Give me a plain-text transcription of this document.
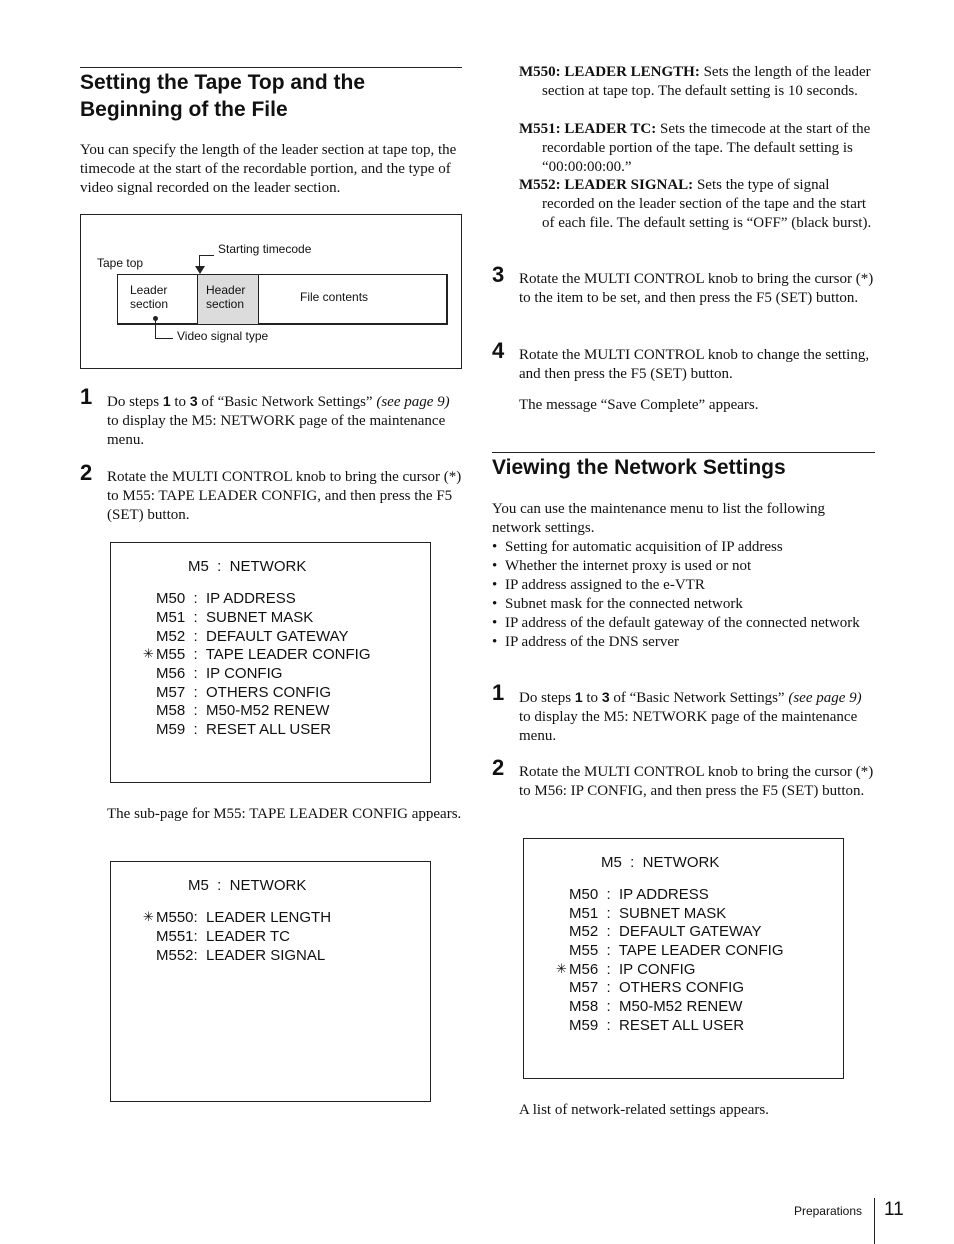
Setting the Tape Top and the Beginning of the File
You can specify the length of the leader section at tape top, the timecode at the start of the recordable portion, and the type of video signal recorded on the leader section.
Tape top
Starting timecode
Leader section
Header section	File contents
Video signal type
1 Do steps 1 to 3 of “Basic Network Settings” (see page 9) to display the M5: NETWORK page of the maintenance menu.
2 Rotate the MULTI CONTROL knob to bring the cursor (*) to M55: TAPE LEADER CONFIG, and then press the F5 (SET) button.
M5  :  NETWORK
M50  :  IP ADDRESS
M51  :  SUBNET MASK
M52  :  DEFAULT GATEWAY
✳ M55  :  TAPE LEADER CONFIG
M56  :  IP CONFIG
M57  :  OTHERS CONFIG
M58  :  M50-M52 RENEW
M59  :  RESET ALL USER
The sub-page for M55: TAPE LEADER CONFIG appears.
M5  :  NETWORK
✳ M550:  LEADER LENGTH
M551:  LEADER TC
M552:  LEADER SIGNAL
M550: LEADER LENGTH: Sets the length of the leader section at tape top. The default setting is 10 seconds.
M551: LEADER TC: Sets the timecode at the start of the recordable portion of the tape. The default setting is “00:00:00:00.”
M552: LEADER SIGNAL: Sets the type of signal recorded on the leader section of the tape and the start of each file. The default setting is “OFF” (black burst).
3 Rotate the MULTI CONTROL knob to bring the cursor (*) to the item to be set, and then press the F5 (SET) button.
4 Rotate the MULTI CONTROL knob to change the setting, and then press the F5 (SET) button.
The message “Save Complete” appears.
Viewing the Network Settings
You can use the maintenance menu to list the following network settings.
• Setting for automatic acquisition of IP address
• Whether the internet proxy is used or not
• IP address assigned to the e-VTR
• Subnet mask for the connected network
• IP address of the default gateway of the connected network
• IP address of the DNS server
1 Do steps 1 to 3 of “Basic Network Settings” (see page 9) to display the M5: NETWORK page of the maintenance menu.
2 Rotate the MULTI CONTROL knob to bring the cursor (*) to M56: IP CONFIG, and then press the F5 (SET) button.
M5  :  NETWORK
M50  :  IP ADDRESS
M51  :  SUBNET MASK
M52  :  DEFAULT GATEWAY
M55  :  TAPE LEADER CONFIG
✳ M56  :  IP CONFIG
M57  :  OTHERS CONFIG
M58  :  M50-M52 RENEW
M59  :  RESET ALL USER
A list of network-related settings appears.
Preparations 11
